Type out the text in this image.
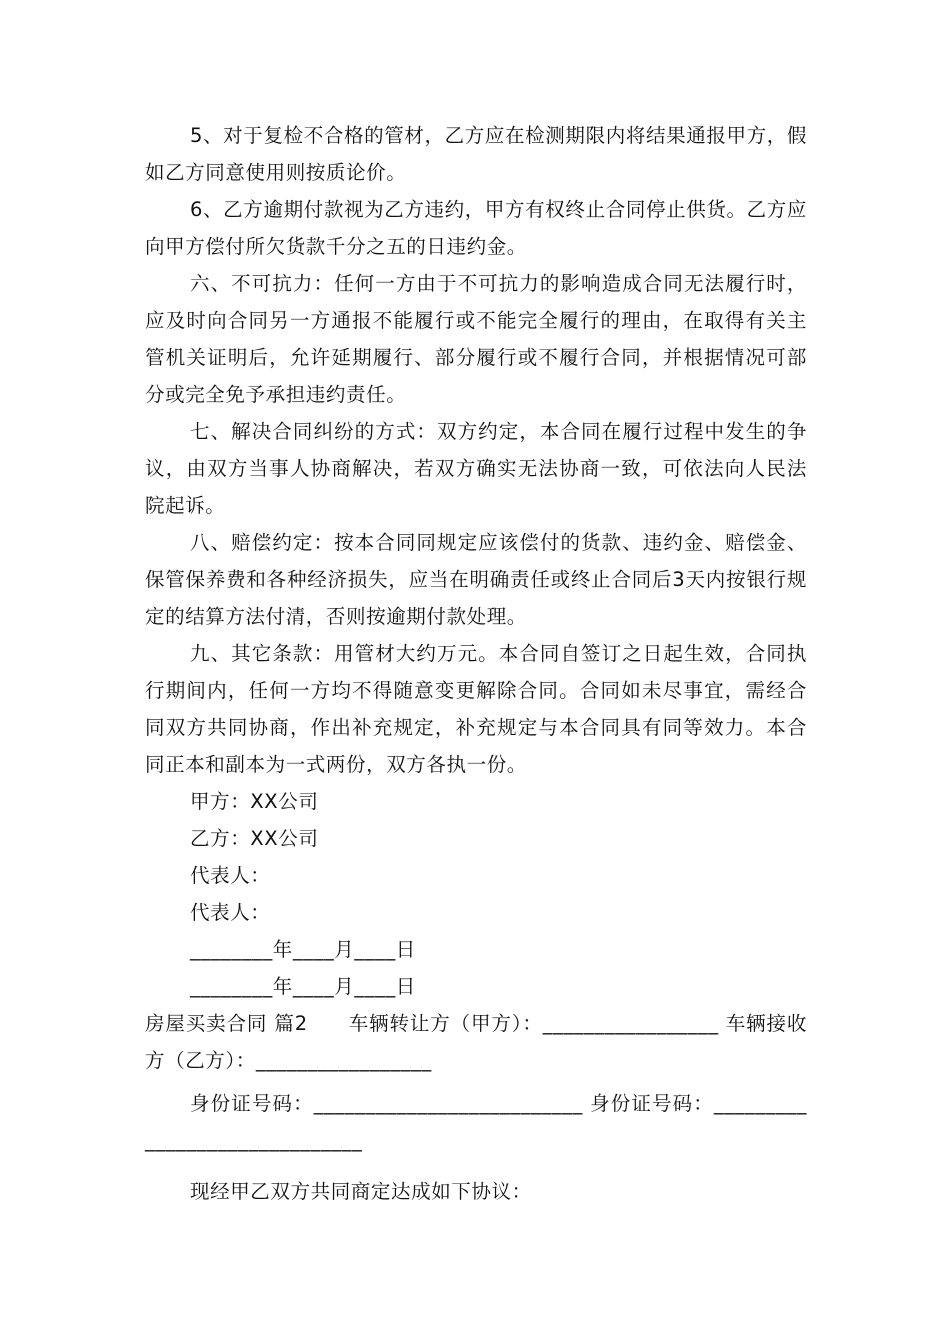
5、对于复检不合格的管材，乙方应在检测期限内将结果通报甲方，假如乙方同意使用则按质论价。

6、乙方逾期付款视为乙方违约，甲方有权终止合同停止供货。乙方应向甲方偿付所欠货款千分之五的日违约金。

六、不可抗力：任何一方由于不可抗力的影响造成合同无法履行时，应及时向合同另一方通报不能履行或不能完全履行的理由，在取得有关主管机关证明后，允许延期履行、部分履行或不履行合同，并根据情况可部分或完全免予承担违约责任。

七、解决合同纠纷的方式：双方约定，本合同在履行过程中发生的争议，由双方当事人协商解决，若双方确实无法协商一致，可依法向人民法院起诉。

八、赔偿约定：按本合同同规定应该偿付的货款、违约金、赔偿金、保管保养费和各种经济损失，应当在明确责任或终止合同后3天内按银行规定的结算方法付清，否则按逾期付款处理。

九、其它条款：用管材大约万元。本合同自签订之日起生效，合同执行期间内，任何一方均不得随意变更解除合同。合同如未尽事宜，需经合同双方共同协商，作出补充规定，补充规定与本合同具有同等效力。本合同正本和副本为一式两份，双方各执一份。

甲方：XX公司

乙方：XX公司

代表人：

代表人：

________年____月____日

________年____月____日

房屋买卖合同 篇2　　车辆转让方（甲方）：_________________ 车辆接收方（乙方）：_________________

身份证号码：__________________________ 身份证号码：______________________________

现经甲乙双方共同商定达成如下协议：
